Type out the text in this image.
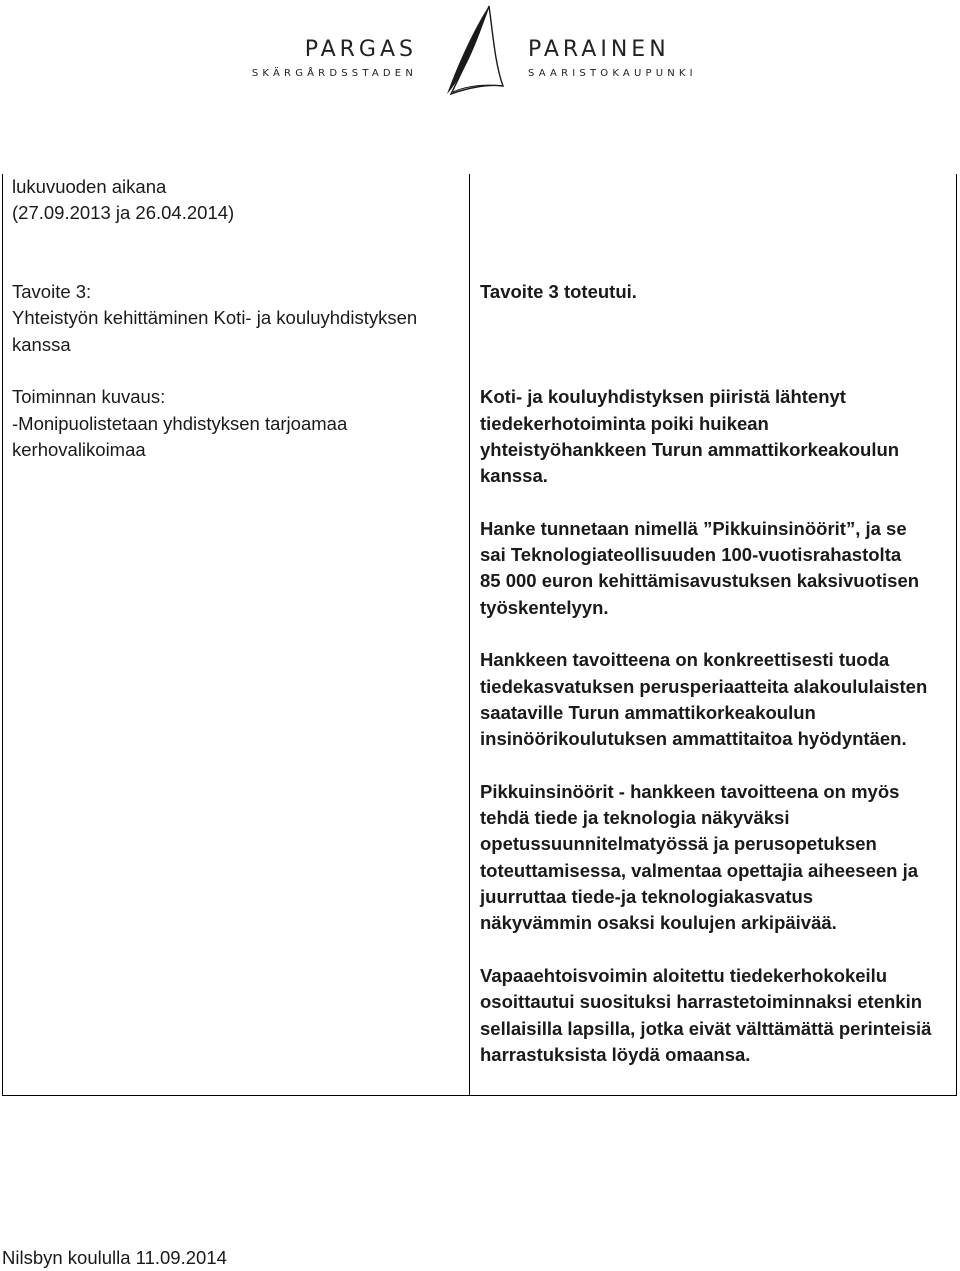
PARGAS
SKÄRGÅRDSSTADEN
PARAINEN
SAARISTOKAUPUNKI
lukuvuoden aikana
(27.09.2013 ja 26.04.2014)
Tavoite 3:
Yhteistyön kehittäminen Koti- ja kouluyhdistyksen
kanssa
Toiminnan kuvaus:
-Monipuolistetaan yhdistyksen tarjoamaa
kerhovalikoimaa
Tavoite 3 toteutui.
Koti- ja kouluyhdistyksen piiristä lähtenyt
tiedekerhotoiminta poiki huikean
yhteistyöhankkeen Turun ammattikorkeakoulun
kanssa.
Hanke tunnetaan nimellä ”Pikkuinsinöörit”, ja se
sai Teknologiateollisuuden 100-vuotisrahastolta
85 000 euron kehittämisavustuksen kaksivuotisen
työskentelyyn.
Hankkeen tavoitteena on konkreettisesti tuoda
tiedekasvatuksen perusperiaatteita alakoululaisten
saataville Turun ammattikorkeakoulun
insinöörikoulutuksen ammattitaitoa hyödyntäen.
Pikkuinsinöörit - hankkeen tavoitteena on myös
tehdä tiede ja teknologia näkyväksi
opetussuunnitelmatyössä ja perusopetuksen
toteuttamisessa, valmentaa opettajia aiheeseen ja
juurruttaa tiede-ja teknologiakasvatus
näkyvämmin osaksi koulujen arkipäivää.
Vapaaehtoisvoimin aloitettu tiedekerhokokeilu
osoittautui suosituksi harrastetoiminnaksi etenkin
sellaisilla lapsilla, jotka eivät välttämättä perinteisiä
harrastuksista löydä omaansa.
Nilsbyn koululla 11.09.2014
